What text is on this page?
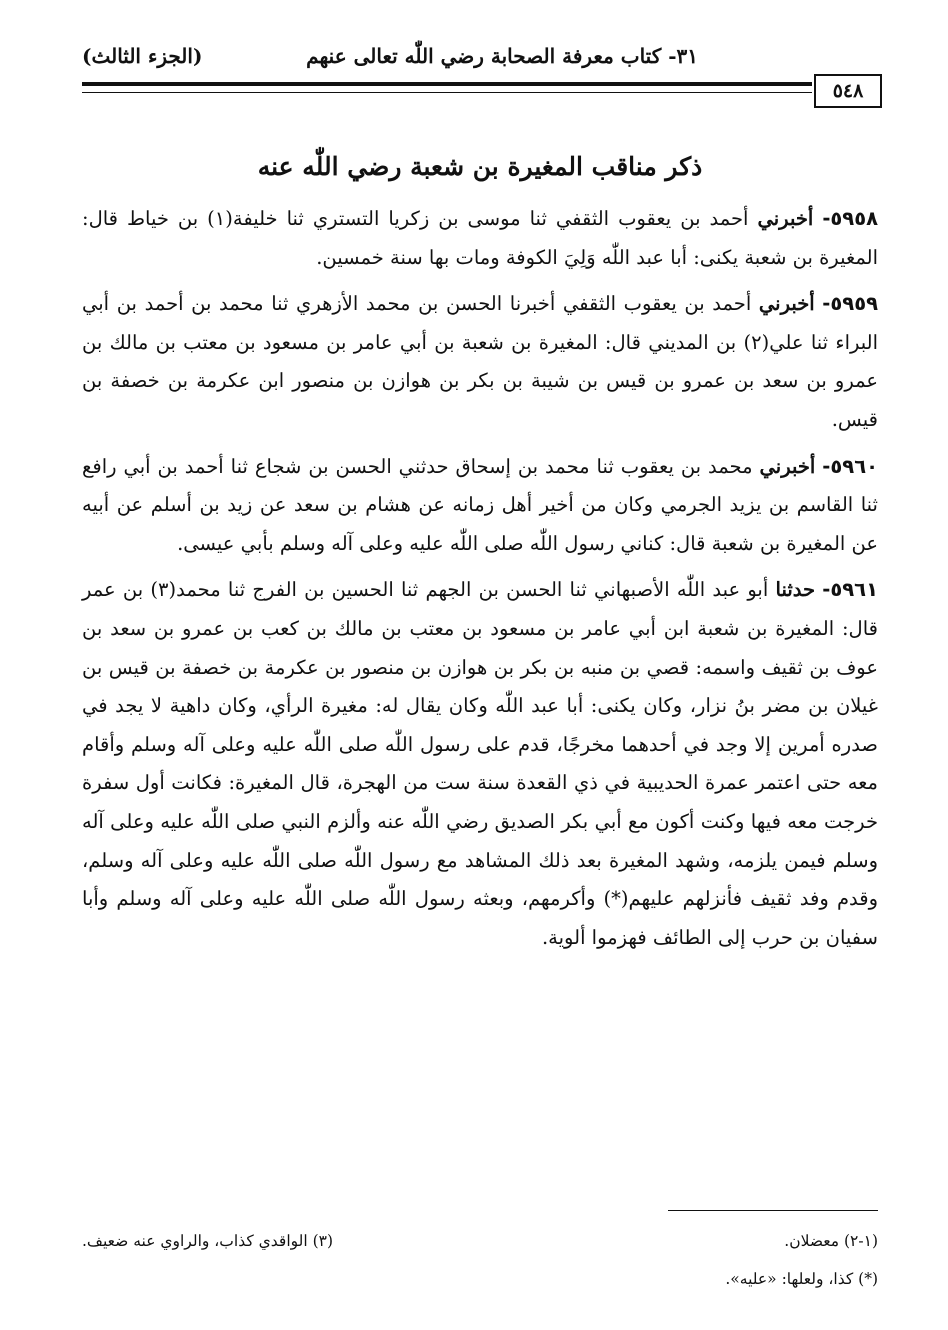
٣١- كتاب معرفة الصحابة رضي اللّٰه تعالى عنهم
(الجزء الثالث)
٥٤٨
ذكر مناقب المغيرة بن شعبة رضي اللّٰه عنه

٥٩٥٨- أخبرني أحمد بن يعقوب الثقفي ثنا موسى بن زكريا التستري ثنا خليفة(١) بن خياط قال: المغيرة بن شعبة يكنى: أبا عبد اللّٰه وَلِيَ الكوفة ومات بها سنة خمسين.

٥٩٥٩- أخبرني أحمد بن يعقوب الثقفي أخبرنا الحسن بن محمد الأزهري ثنا محمد بن أحمد بن أبي البراء ثنا علي(٢) بن المديني قال: المغيرة بن شعبة بن أبي عامر بن مسعود بن معتب بن مالك بن عمرو بن سعد بن عمرو بن قيس بن شيبة بن بكر بن هوازن بن منصور ابن عكرمة بن خصفة بن قيس.

٥٩٦٠- أخبرني محمد بن يعقوب ثنا محمد بن إسحاق حدثني الحسن بن شجاع ثنا أحمد بن أبي رافع ثنا القاسم بن يزيد الجرمي وكان من أخير أهل زمانه عن هشام بن سعد عن زيد بن أسلم عن أبيه عن المغيرة بن شعبة قال: كناني رسول اللّٰه صلى اللّٰه عليه وعلى آله وسلم بأبي عيسى.

٥٩٦١- حدثنا أبو عبد اللّٰه الأصبهاني ثنا الحسن بن الجهم ثنا الحسين بن الفرج ثنا محمد(٣) بن عمر قال: المغيرة بن شعبة ابن أبي عامر بن مسعود بن معتب بن مالك بن كعب بن عمرو بن سعد بن عوف بن ثقيف واسمه: قصي بن منبه بن بكر بن هوازن بن منصور بن عكرمة بن خصفة بن قيس بن غيلان بن مضر بنُ نزار، وكان يكنى: أبا عبد اللّٰه وكان يقال له: مغيرة الرأي، وكان داهية لا يجد في صدره أمرين إلا وجد في أحدهما مخرجًا، قدم على رسول اللّٰه صلى اللّٰه عليه وعلى آله وسلم وأقام معه حتى اعتمر عمرة الحديبية في ذي القعدة سنة ست من الهجرة، قال المغيرة: فكانت أول سفرة خرجت معه فيها وكنت أكون مع أبي بكر الصديق رضي اللّٰه عنه وألزم النبي صلى اللّٰه عليه وعلى آله وسلم فيمن يلزمه، وشهد المغيرة بعد ذلك المشاهد مع رسول اللّٰه صلى اللّٰه عليه وعلى آله وسلم، وقدم وفد ثقيف فأنزلهم عليهم(*) وأكرمهم، وبعثه رسول اللّٰه صلى اللّٰه عليه وعلى آله وسلم وأبا سفيان بن حرب إلى الطائف فهزموا ألوية.

(١-٢) معضلان.
(٣) الواقدي كذاب، والراوي عنه ضعيف.
(*) كذا، ولعلها: «عليه».
